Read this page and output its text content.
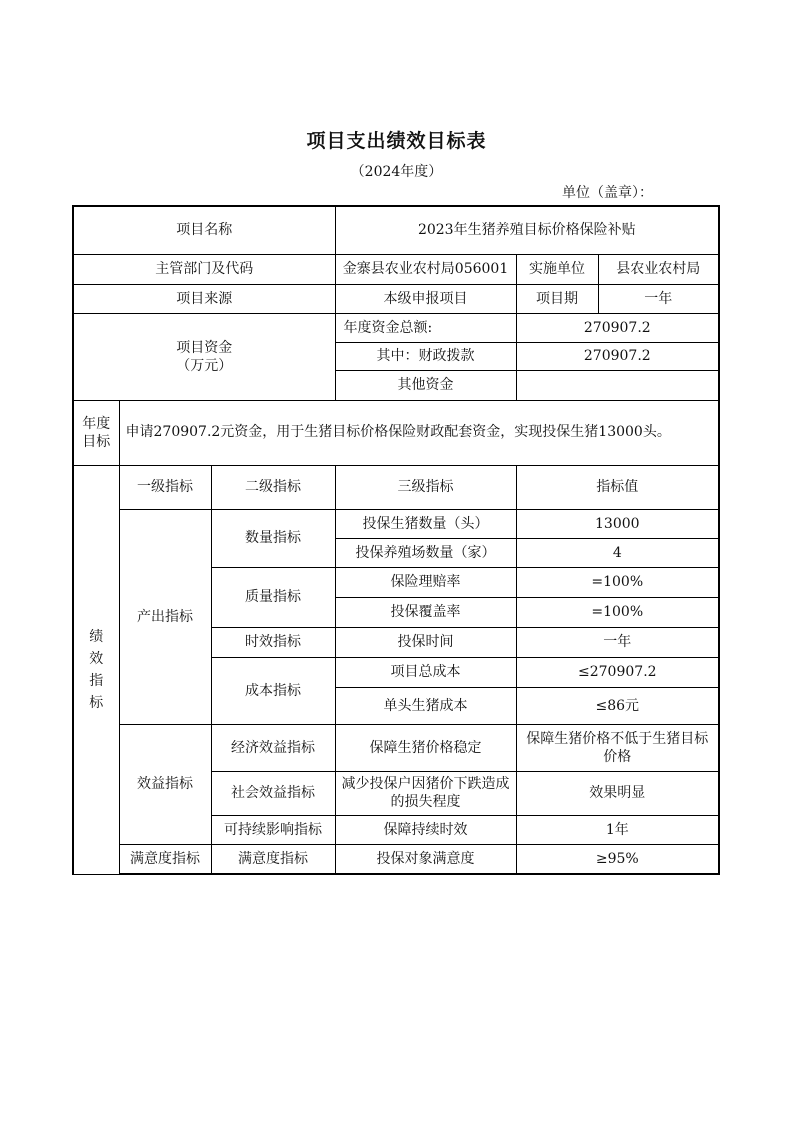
项目支出绩效目标表
（2024年度）
单位（盖章）：
项目名称			2023年生猪养殖目标价格保险补贴		
主管部门及代码			金寨县农业农村局056001	实施单位	县农业农村局
项目来源			本级申报项目	项目期	一年

项目资金
（万元）			年度资金总额:	270907.2	
			其中：财政拨款	270907.2	
			其他资金		

年度
目标	申请270907.2元资金，用于生猪目标价格保险财政配套资金，实现投保生猪13000头。				

绩
效
指
标	一级指标	二级指标	三级指标	指标值	
	产出指标	数量指标	投保生猪数量（头）	13000	
			投保养殖场数量（家）	4	
		质量指标	保险理赔率	=100%	
			投保覆盖率	=100%	
		时效指标	投保时间	一年	
		成本指标	项目总成本	≤270907.2	
			单头生猪成本	≤86元	
	效益指标	经济效益指标	保障生猪价格稳定	保障生猪价格不低于生猪目标价格	
		社会效益指标	减少投保户因猪价下跌造成的损失程度	效果明显	
		可持续影响指标	保障持续时效	1年	
	满意度指标	满意度指标	投保对象满意度	≥95%	
